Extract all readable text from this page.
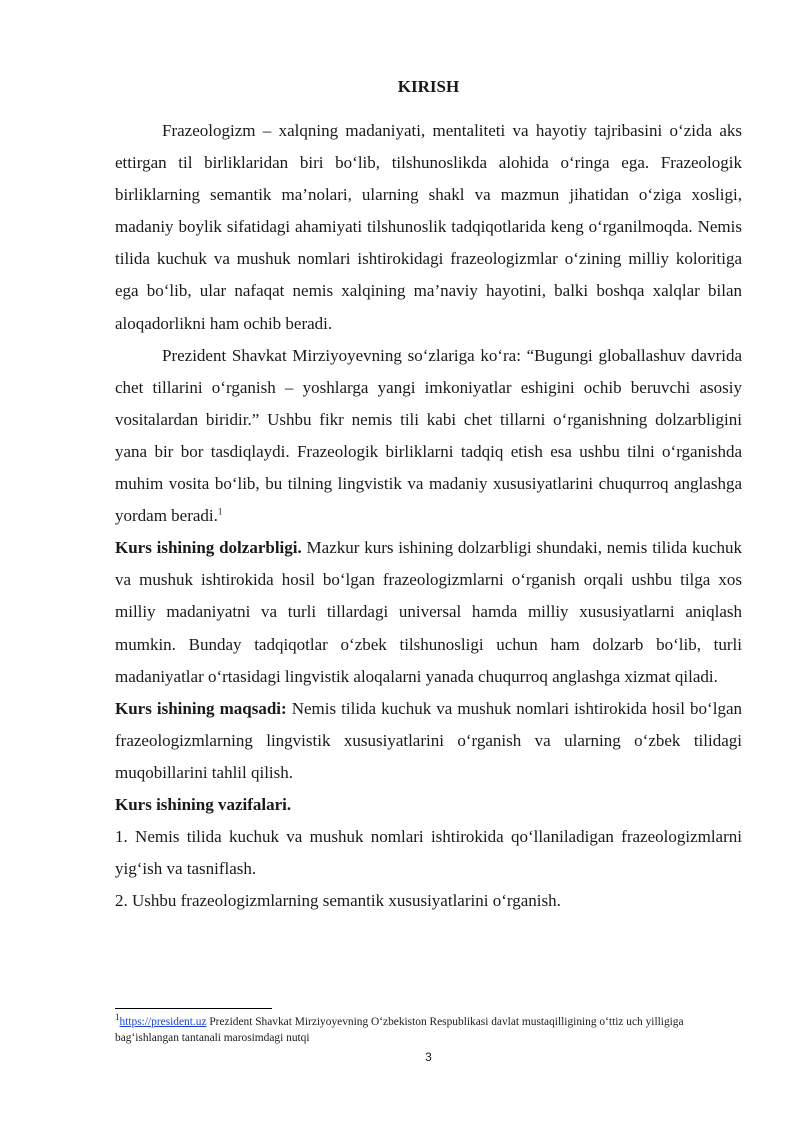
KIRISH

Frazeologizm – xalqning madaniyati, mentaliteti va hayotiy tajribasini o‘zida aks ettirgan til birliklaridan biri bo‘lib, tilshunoslikda alohida o‘ringa ega. Frazeologik birliklarning semantik ma’nolari, ularning shakl va mazmun jihatidan o‘ziga xosligi, madaniy boylik sifatidagi ahamiyati tilshunoslik tadqiqotlarida keng o‘rganilmoqda. Nemis tilida kuchuk va mushuk nomlari ishtirokidagi frazeologizmlar o‘zining milliy koloritiga ega bo‘lib, ular nafaqat nemis xalqining ma’naviy hayotini, balki boshqa xalqlar bilan aloqadorlikni ham ochib beradi.

Prezident Shavkat Mirziyoyevning so‘zlariga ko‘ra: “Bugungi globallashuv davrida chet tillarini o‘rganish – yoshlarga yangi imkoniyatlar eshigini ochib beruvchi asosiy vositalardan biridir.” Ushbu fikr nemis tili kabi chet tillarni o‘rganishning dolzarbligini yana bir bor tasdiqlaydi. Frazeologik birliklarni tadqiq etish esa ushbu tilni o‘rganishda muhim vosita bo‘lib, bu tilning lingvistik va madaniy xususiyatlarini chuqurroq anglashga yordam beradi.$^1$

Kurs ishining dolzarbligi. Mazkur kurs ishining dolzarbligi shundaki, nemis tilida kuchuk va mushuk ishtirokida hosil bo‘lgan frazeologizmlarni o‘rganish orqali ushbu tilga xos milliy madaniyatni va turli tillardagi universal hamda milliy xususiyatlarni aniqlash mumkin. Bunday tadqiqotlar o‘zbek tilshunosligi uchun ham dolzarb bo‘lib, turli madaniyatlar o‘rtasidagi lingvistik aloqalarni yanada chuqurroq anglashga xizmat qiladi.

Kurs ishining maqsadi: Nemis tilida kuchuk va mushuk nomlari ishtirokida hosil bo‘lgan frazeologizmlarning lingvistik xususiyatlarini o‘rganish va ularning o‘zbek tilidagi muqobillarini tahlil qilish.

Kurs ishining vazifalari.

1. Nemis tilida kuchuk va mushuk nomlari ishtirokida qo‘llaniladigan frazeologizmlarni yig‘ish va tasniflash.

2. Ushbu frazeologizmlarning semantik xususiyatlarini o‘rganish.

$^1$https://president.uz Prezident Shavkat Mirziyoyevning O‘zbekiston Respublikasi davlat mustaqilligining o‘ttiz uch yilligiga bag‘ishlangan tantanali marosimdagi nutqi
3
